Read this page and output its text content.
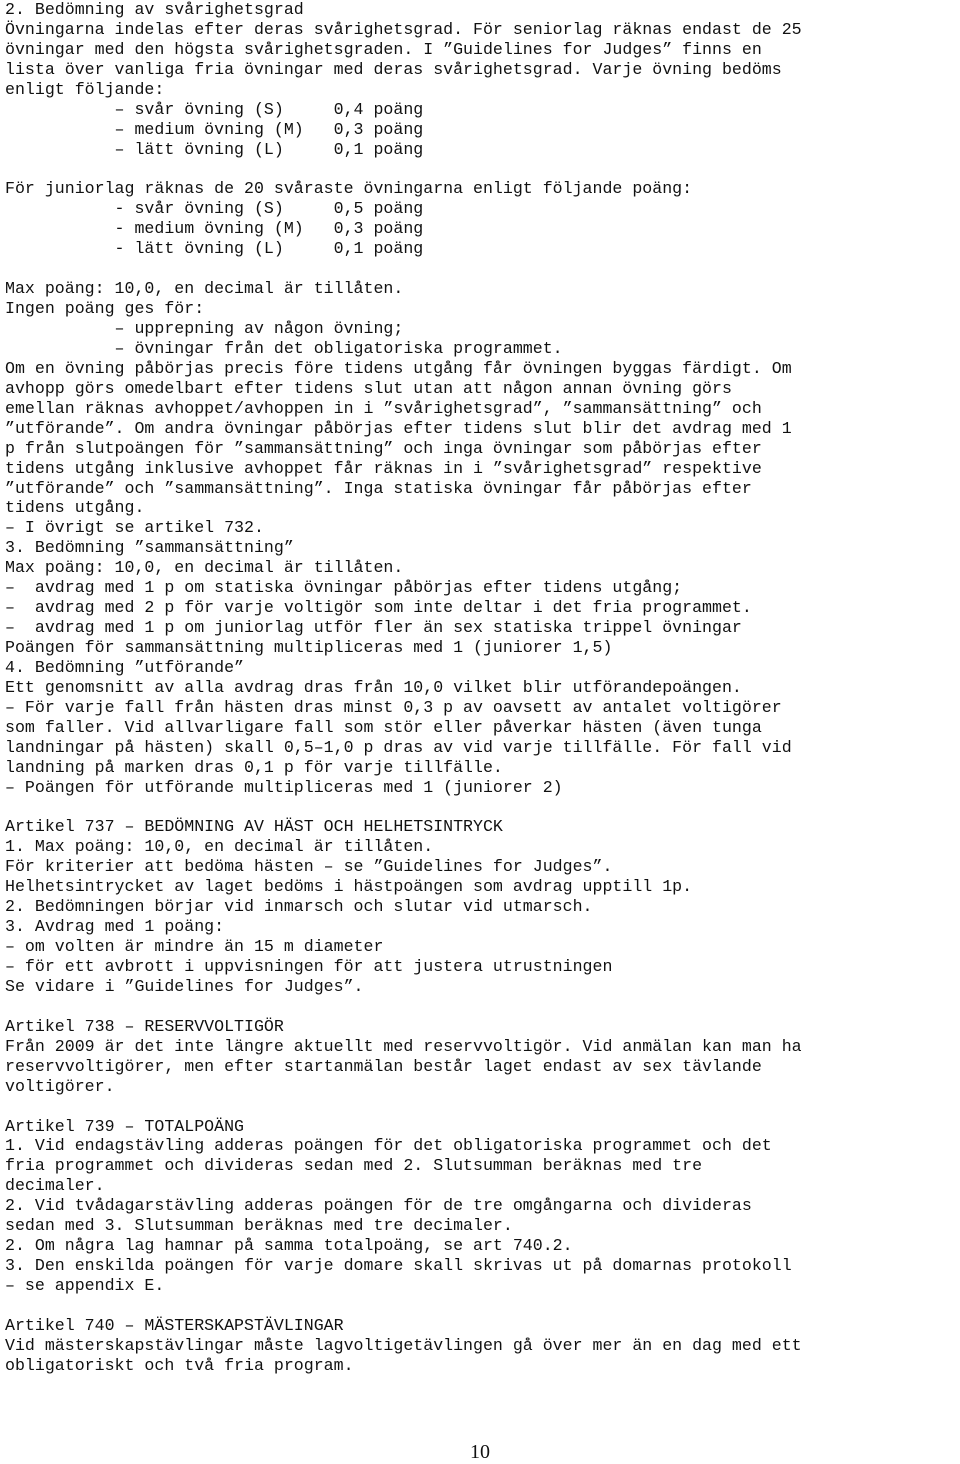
2. Bedömning av svårighetsgrad
Övningarna indelas efter deras svårighetsgrad. För seniorlag räknas endast de 25
övningar med den högsta svårighetsgraden. I ”Guidelines for Judges” finns en
lista över vanliga fria övningar med deras svårighetsgrad. Varje övning bedöms
enligt följande:
– svår övning (S)     0,4 poäng
– medium övning (M)   0,3 poäng
– lätt övning (L)     0,1 poäng
För juniorlag räknas de 20 svåraste övningarna enligt följande poäng:
- svår övning (S)     0,5 poäng
- medium övning (M)   0,3 poäng
- lätt övning (L)     0,1 poäng
Max poäng: 10,0, en decimal är tillåten.
Ingen poäng ges för:
– upprepning av någon övning;
– övningar från det obligatoriska programmet.
Om en övning påbörjas precis före tidens utgång får övningen byggas färdigt. Om
avhopp görs omedelbart efter tidens slut utan att någon annan övning görs
emellan räknas avhoppet/avhoppen in i ”svårighetsgrad”, ”sammansättning” och
”utförande”. Om andra övningar påbörjas efter tidens slut blir det avdrag med 1
p från slutpoängen för ”sammansättning” och inga övningar som påbörjas efter
tidens utgång inklusive avhoppet får räknas in i ”svårighetsgrad” respektive
”utförande” och ”sammansättning”. Inga statiska övningar får påbörjas efter
tidens utgång.
– I övrigt se artikel 732.
3. Bedömning ”sammansättning”
Max poäng: 10,0, en decimal är tillåten.
–  avdrag med 1 p om statiska övningar påbörjas efter tidens utgång;
–  avdrag med 2 p för varje voltigör som inte deltar i det fria programmet.
–  avdrag med 1 p om juniorlag utför fler än sex statiska trippel övningar
Poängen för sammansättning multipliceras med 1 (juniorer 1,5)
4. Bedömning ”utförande”
Ett genomsnitt av alla avdrag dras från 10,0 vilket blir utförandepoängen.
– För varje fall från hästen dras minst 0,3 p av oavsett av antalet voltigörer
som faller. Vid allvarligare fall som stör eller påverkar hästen (även tunga
landningar på hästen) skall 0,5–1,0 p dras av vid varje tillfälle. För fall vid
landning på marken dras 0,1 p för varje tillfälle.
– Poängen för utförande multipliceras med 1 (juniorer 2)
Artikel 737 – BEDÖMNING AV HÄST OCH HELHETSINTRYCK
1. Max poäng: 10,0, en decimal är tillåten.
För kriterier att bedöma hästen – se ”Guidelines for Judges”.
Helhetsintrycket av laget bedöms i hästpoängen som avdrag upptill 1p.
2. Bedömningen börjar vid inmarsch och slutar vid utmarsch.
3. Avdrag med 1 poäng:
– om volten är mindre än 15 m diameter
– för ett avbrott i uppvisningen för att justera utrustningen
Se vidare i ”Guidelines for Judges”.
Artikel 738 – RESERVVOLTIGÖR
Från 2009 är det inte längre aktuellt med reservvoltigör. Vid anmälan kan man ha
reservvoltigörer, men efter startanmälan består laget endast av sex tävlande
voltigörer.
Artikel 739 – TOTALPOÄNG
1. Vid endagstävling adderas poängen för det obligatoriska programmet och det
fria programmet och divideras sedan med 2. Slutsumman beräknas med tre
decimaler.
2. Vid tvådagarstävling adderas poängen för de tre omgångarna och divideras
sedan med 3. Slutsumman beräknas med tre decimaler.
2. Om några lag hamnar på samma totalpoäng, se art 740.2.
3. Den enskilda poängen för varje domare skall skrivas ut på domarnas protokoll
– se appendix E.
Artikel 740 – MÄSTERSKAPSTÄVLINGAR
Vid mästerskapstävlingar måste lagvoltigetävlingen gå över mer än en dag med ett
obligatoriskt och två fria program.
10
